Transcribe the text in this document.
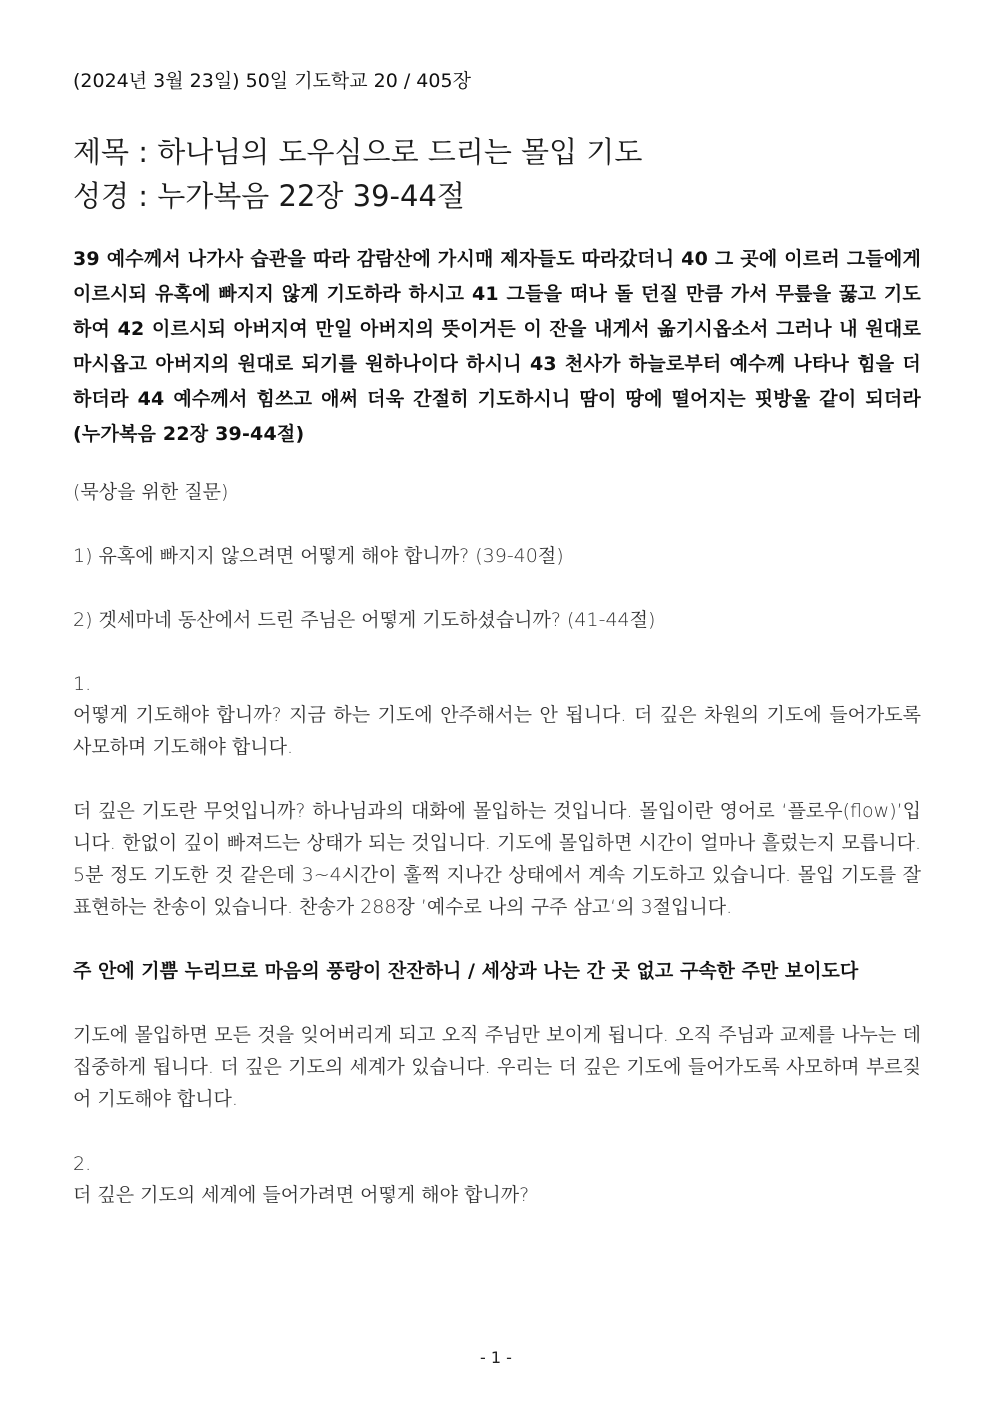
(2024년 3월 23일) 50일 기도학교 20 / 405장

제목 : 하나님의 도우심으로 드리는 몰입 기도
성경 : 누가복음 22장 39-44절
39 예수께서 나가사 습관을 따라 감람산에 가시매 제자들도 따라갔더니 40 그 곳에 이르러 그들에게 이르시되 유혹에 빠지지 않게 기도하라 하시고 41 그들을 떠나 돌 던질 만큼 가서 무릎을 꿇고 기도하여 42 이르시되 아버지여 만일 아버지의 뜻이거든 이 잔을 내게서 옮기시옵소서 그러나 내 원대로 마시옵고 아버지의 원대로 되기를 원하나이다 하시니 43 천사가 하늘로부터 예수께 나타나 힘을 더하더라 44 예수께서 힘쓰고 애써 더욱 간절히 기도하시니 땀이 땅에 떨어지는 핏방울 같이 되더라 (누가복음 22장 39-44절)
(묵상을 위한 질문)
1) 유혹에 빠지지 않으려면 어떻게 해야 합니까? (39-40절)
2) 겟세마네 동산에서 드린 주님은 어떻게 기도하셨습니까? (41-44절)
1.

어떻게 기도해야 합니까? 지금 하는 기도에 안주해서는 안 됩니다. 더 깊은 차원의 기도에 들어가도록 사모하며 기도해야 합니다.

더 깊은 기도란 무엇입니까? 하나님과의 대화에 몰입하는 것입니다. 몰입이란 영어로 ‘플로우(flow)’입니다. 한없이 깊이 빠져드는 상태가 되는 것입니다. 기도에 몰입하면 시간이 얼마나 흘렀는지 모릅니다. 5분 정도 기도한 것 같은데 3~4시간이 훌쩍 지나간 상태에서 계속 기도하고 있습니다. 몰입 기도를 잘 표현하는 찬송이 있습니다. 찬송가 288장 ’예수로 나의 구주 삼고‘의 3절입니다.

주 안에 기쁨 누리므로 마음의 풍랑이 잔잔하니 / 세상과 나는 간 곳 없고 구속한 주만 보이도다

기도에 몰입하면 모든 것을 잊어버리게 되고 오직 주님만 보이게 됩니다. 오직 주님과 교제를 나누는 데 집중하게 됩니다. 더 깊은 기도의 세계가 있습니다. 우리는 더 깊은 기도에 들어가도록 사모하며 부르짖어 기도해야 합니다.

2.

더 깊은 기도의 세계에 들어가려면 어떻게 해야 합니까?

- 1 -
